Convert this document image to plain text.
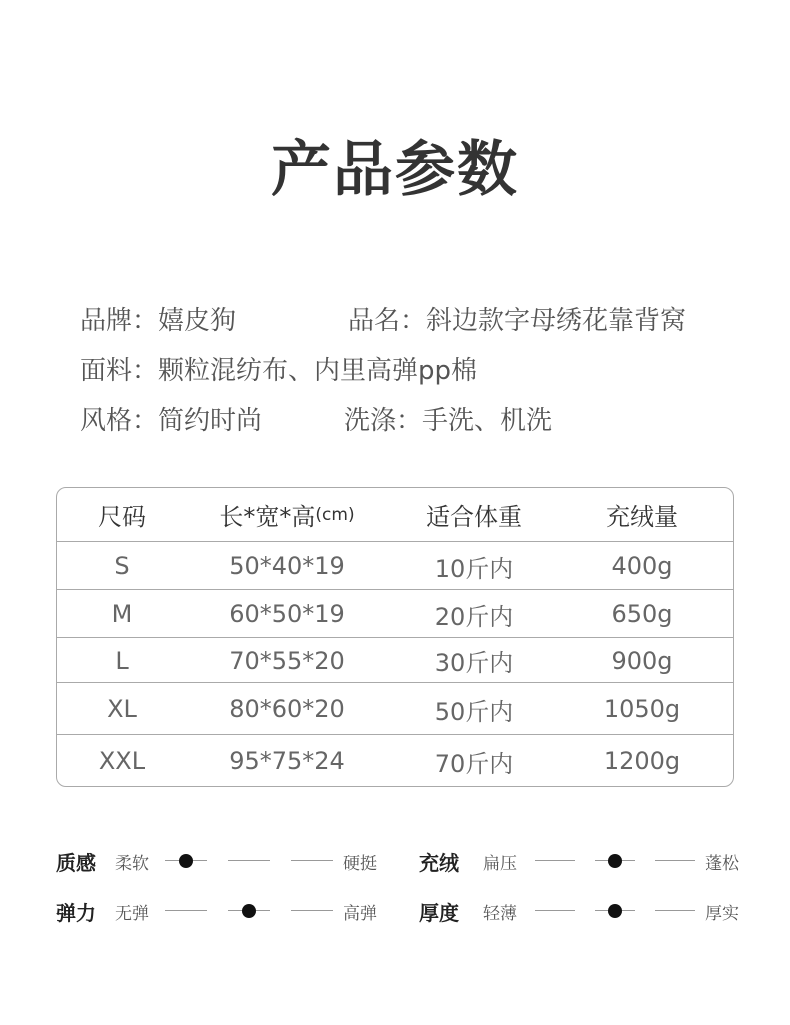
产品参数
品牌：嬉皮狗	品名：斜边款字母绣花靠背窝
面料：颗粒混纺布、内里高弹pp棉
风格：简约时尚	洗涤：手洗、机洗
尺码	长*宽*高 (cm)	适合体重	充绒量
S	50*40*19	10斤内	400g
M	60*50*19	20斤内	650g
L	70*55*20	30斤内	900g
XL	80*60*20	50斤内	1050g
XXL	95*75*24	70斤内	1200g
质感	柔软	硬挺 充绒	扁压	蓬松
弹力	无弹	高弹 厚度	轻薄	厚实
